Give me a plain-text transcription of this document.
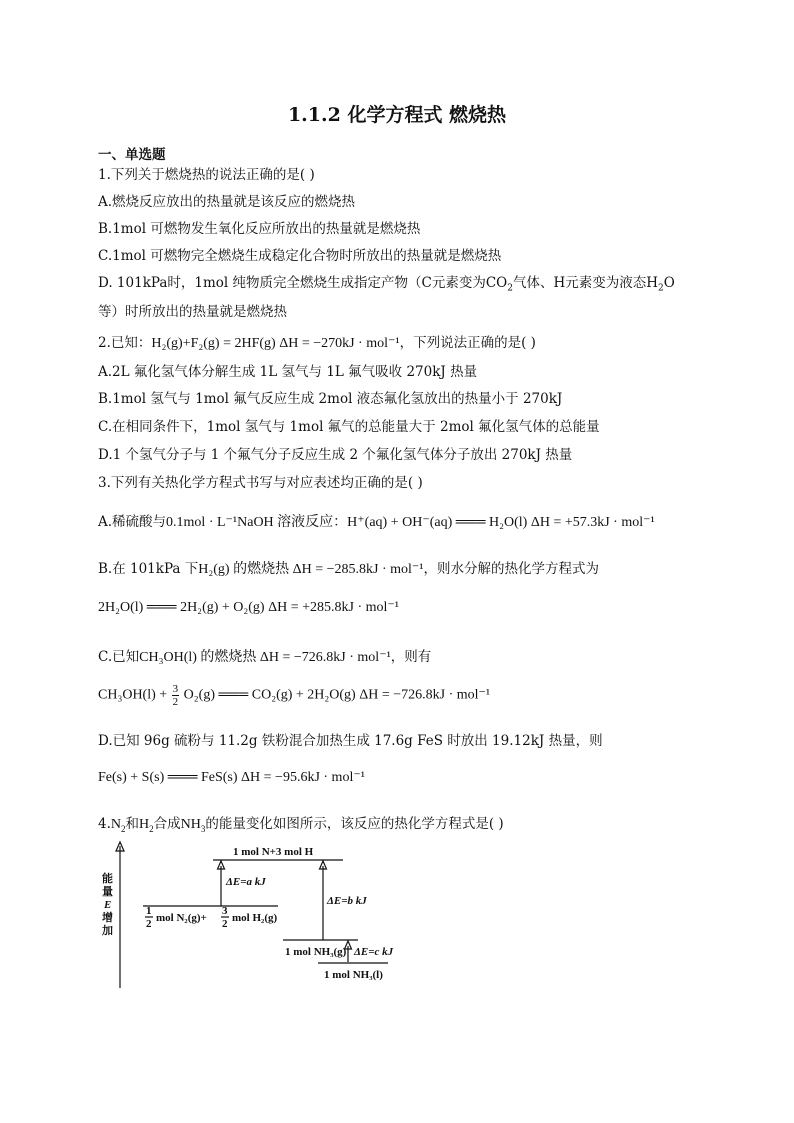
1.1.2 化学方程式 燃烧热
一、单选题
1.下列关于燃烧热的说法正确的是( )
A.燃烧反应放出的热量就是该反应的燃烧热
B.1mol 可燃物发生氧化反应所放出的热量就是燃烧热
C.1mol 可燃物完全燃烧生成稳定化合物时所放出的热量就是燃烧热
D. 101kPa时，1mol 纯物质完全燃烧生成指定产物（C元素变为$CO_2$气体、H元素变为液态$H_2O$
等）时所放出的热量就是燃烧热
2.已知：H₂(g)+F₂(g) = 2HF(g) ΔH = −270kJ · mol⁻¹，下列说法正确的是( )
A.2L 氟化氢气体分解生成 1L 氢气与 1L 氟气吸收 270kJ 热量
B.1mol 氢气与 1mol 氟气反应生成 2mol 液态氟化氢放出的热量小于 270kJ
C.在相同条件下，1mol 氢气与 1mol 氟气的总能量大于 2mol 氟化氢气体的总能量
D.1 个氢气分子与 1 个氟气分子反应生成 2 个氟化氢气体分子放出 270kJ 热量
3.下列有关热化学方程式书写与对应表述均正确的是( )
A.稀硫酸与0.1mol · L⁻¹NaOH 溶液反应：H⁺(aq) + OH⁻(aq) ═══ H₂O(l) ΔH = +57.3kJ · mol⁻¹
B.在 101kPa 下H₂(g) 的燃烧热 ΔH = −285.8kJ · mol⁻¹，则水分解的热化学方程式为
2H₂O(l) ═══ 2H₂(g) + O₂(g) ΔH = +285.8kJ · mol⁻¹
C.已知CH₃OH(l) 的燃烧热 ΔH = −726.8kJ · mol⁻¹，则有
$CH_3OH(l) + \frac{3}{2} O_2(g)$ ═══ CO₂(g) + 2H₂O(g) ΔH = −726.8kJ · mol⁻¹
D.已知 96g 硫粉与 11.2g 铁粉混合加热生成 17.6g FeS 时放出 19.12kJ 热量，则
Fe(s) + S(s) ═══ FeS(s) ΔH = −95.6kJ · mol⁻¹
$4.N_2$和$H_2$合成$NH_3$的能量变化如图所示，该反应的热化学方程式是( )
能
量
E
增
加
1 mol N+3 mol H
1
2 mol N₂(g)+
3
2 mol H₂(g)
ΔE=a kJ
ΔE=b kJ
1 mol NH₃(g) ΔE=c kJ
1 mol NH₃(l)
